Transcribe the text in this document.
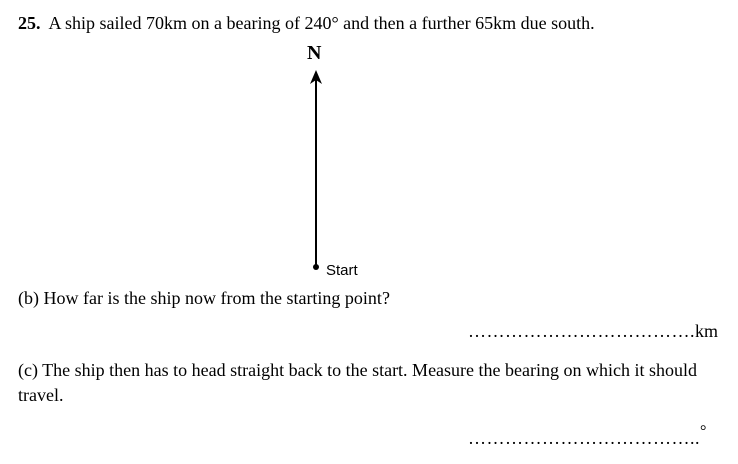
25. A ship sailed 70km on a bearing of 240° and then a further 65km due south.
N
Start
(b) How far is the ship now from the starting point?
……………………………….km
(c) The ship then has to head straight back to the start. Measure the bearing on which it should travel.
………………………………..°
